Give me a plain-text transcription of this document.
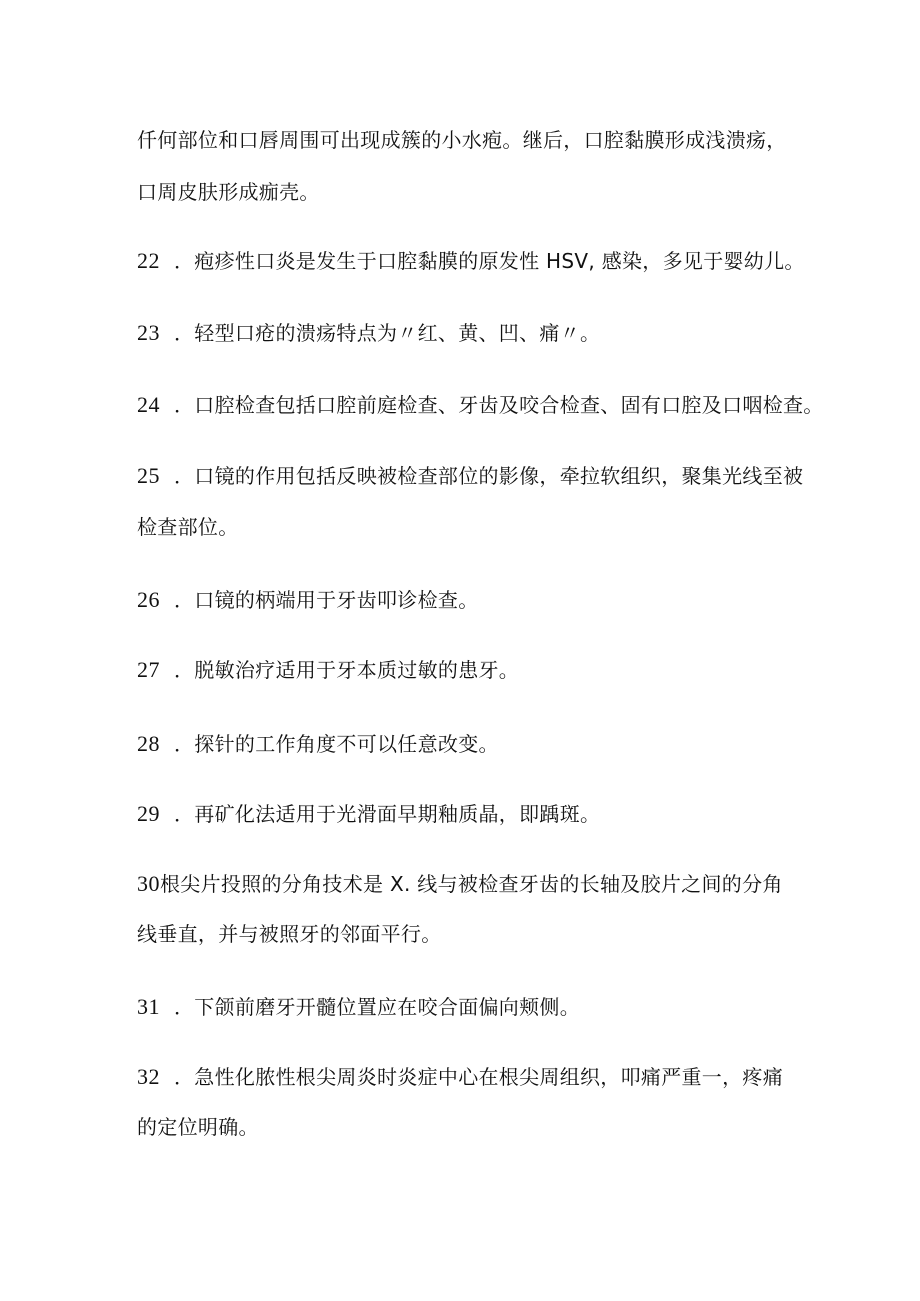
仟何部位和口唇周围可出现成簇的小水疱。继后，口腔黏膜形成浅溃疡，
口周皮肤形成痂壳。
22 ．疱疹性口炎是发生于口腔黏膜的原发性 HSV, 感染，多见于婴幼儿。
23 ．轻型口疮的溃疡特点为〃红、黄、凹、痛〃。
24 ．口腔检查包括口腔前庭检查、牙齿及咬合检查、固有口腔及口咽检查。
25 ．口镜的作用包括反映被检查部位的影像，牵拉软组织，聚集光线至被
检查部位。
26 ．口镜的柄端用于牙齿叩诊检查。
27 ．脱敏治疗适用于牙本质过敏的患牙。
28 ．探针的工作角度不可以任意改变。
29 ．再矿化法适用于光滑面早期釉质晶，即踽斑。
30根尖片投照的分角技术是 X. 线与被检查牙齿的长轴及胶片之间的分角
线垂直，并与被照牙的邻面平行。
31 ．下颌前磨牙开髓位置应在咬合面偏向颊侧。
32 ．急性化脓性根尖周炎时炎症中心在根尖周组织，叩痛严重一，疼痛
的定位明确。
